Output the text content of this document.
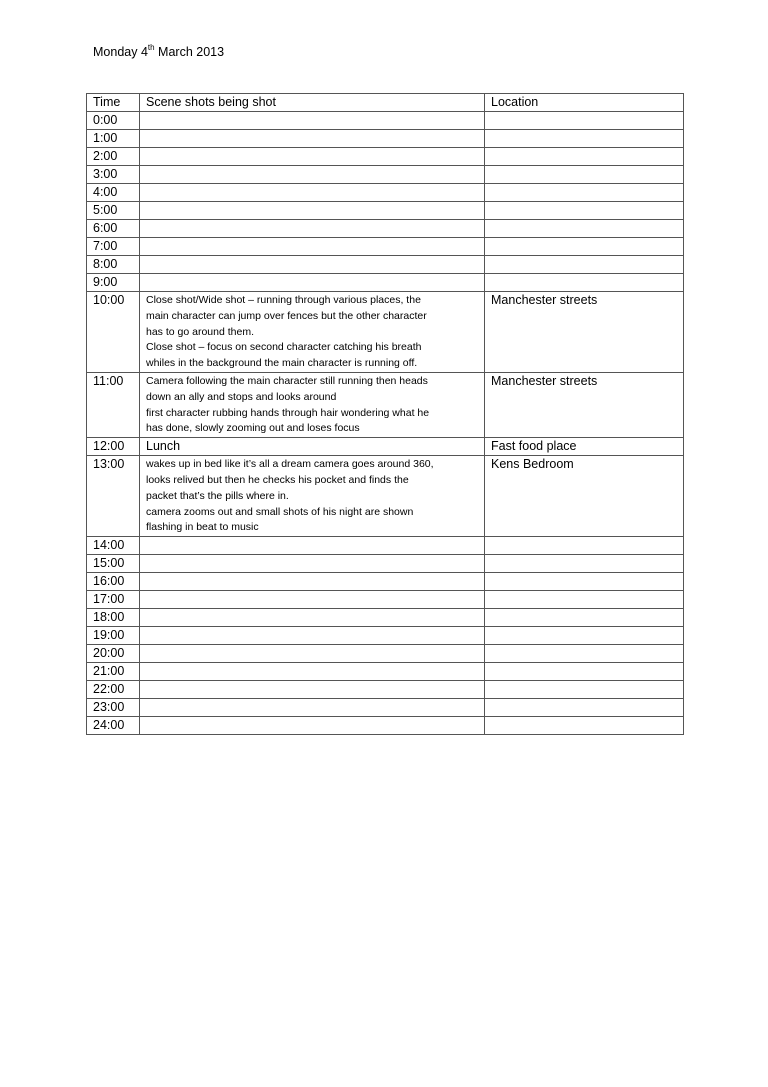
Monday 4th March 2013
Time	Scene shots being shot	Location
0:00		
1:00		
2:00		
3:00		
4:00		
5:00		
6:00		
7:00		
8:00		
9:00		
10:00	Close shot/Wide shot – running through various places, the
main character can jump over fences but the other character
has to go around them.
Close shot – focus on second character catching his breath
whiles in the background the main character is running off.	Manchester streets
11:00	Camera following the main character still running then heads
down an ally and stops and looks around
first character rubbing hands through hair wondering what he
has done, slowly zooming out and loses focus	Manchester streets
12:00	Lunch	Fast food place
13:00	wakes up in bed like it’s all a dream camera goes around 360,
looks relived but then he checks his pocket and finds the
packet that’s the pills where in.
camera zooms out and small shots of his night are shown
flashing in beat to music	Kens Bedroom
14:00		
15:00		
16:00		
17:00		
18:00		
19:00		
20:00		
21:00		
22:00		
23:00		
24:00		
